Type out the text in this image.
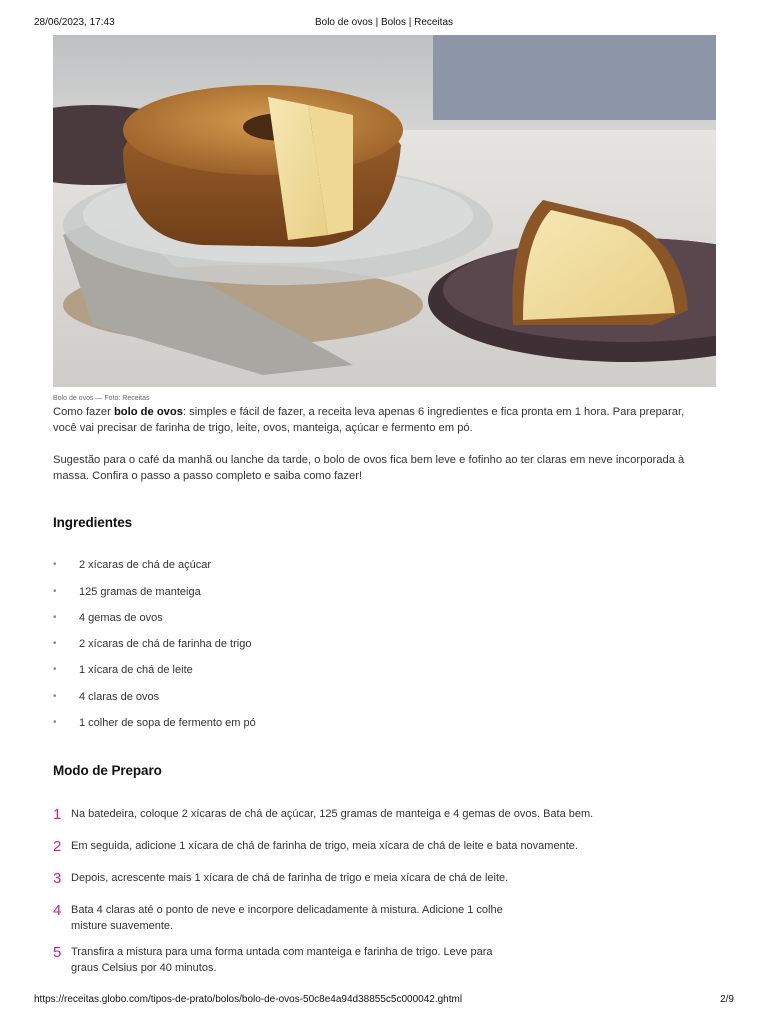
28/06/2023, 17:43	Bolo de ovos | Bolos | Receitas
Bolo de ovos — Foto: Receitas
Como fazer bolo de ovos: simples e fácil de fazer, a receita leva apenas 6 ingredientes e fica pronta em 1 hora. Para preparar, você vai precisar de farinha de trigo, leite, ovos, manteiga, açúcar e fermento em pó.
Sugestão para o café da manhã ou lanche da tarde, o bolo de ovos fica bem leve e fofinho ao ter claras em neve incorporada à massa. Confira o passo a passo completo e saiba como fazer!
Ingredientes
• 2 xícaras de chá de açúcar
• 125 gramas de manteiga
• 4 gemas de ovos
• 2 xícaras de chá de farinha de trigo
• 1 xícara de chá de leite
• 4 claras de ovos
• 1 colher de sopa de fermento em pó
Modo de Preparo
1 Na batedeira, coloque 2 xícaras de chá de açúcar, 125 gramas de manteiga e 4 gemas de ovos. Bata bem.
2 Em seguida, adicione 1 xícara de chá de farinha de trigo, meia xícara de chá de leite e bata novamente.
3 Depois, acrescente mais 1 xícara de chá de farinha de trigo e meia xícara de chá de leite.
4 Bata 4 claras até o ponto de neve e incorpore delicadamente à mistura. Adicione 1 colhe
misture suavemente.
5 Transfira a mistura para uma forma untada com manteiga e farinha de trigo. Leve para
graus Celsius por 40 minutos.
https://receitas.globo.com/tipos-de-prato/bolos/bolo-de-ovos-50c8e4a94d38855c5c000042.ghtml	2/9
